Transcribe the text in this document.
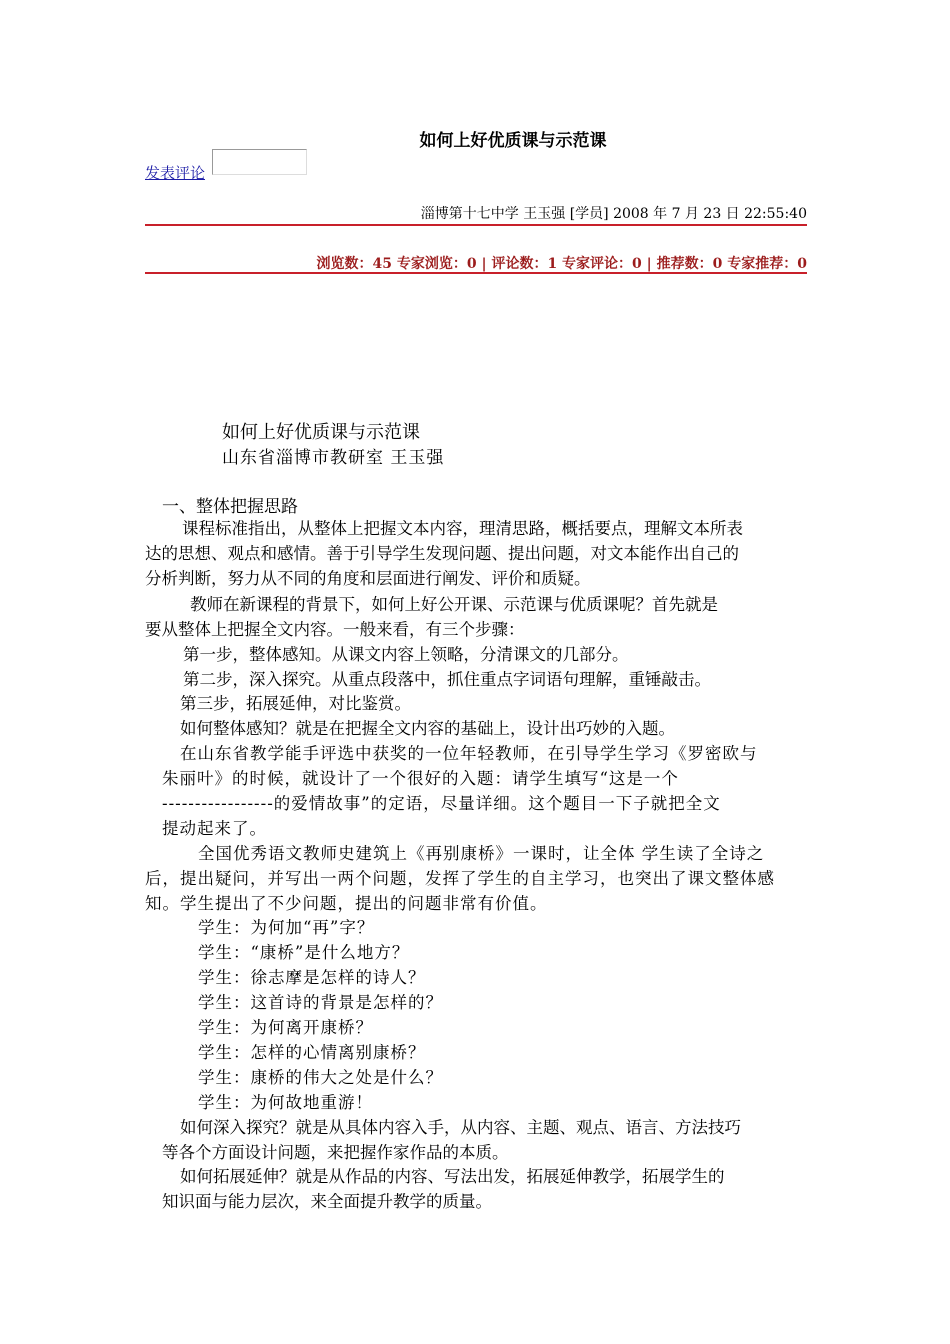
如何上好优质课与示范课
发表评论
淄博第十七中学 王玉强 [学员] 2008 年 7 月 23 日 22:55:40
浏览数：45 专家浏览：0 | 评论数：1 专家评论：0 | 推荐数：0 专家推荐：0
如何上好优质课与示范课
山东省淄博市教研室 王玉强
一、整体把握思路
课程标准指出，从整体上把握文本内容，理清思路，概括要点，理解文本所表
达的思想、观点和感情。善于引导学生发现问题、提出问题，对文本能作出自己的
分析判断，努力从不同的角度和层面进行阐发、评价和质疑。
教师在新课程的背景下，如何上好公开课、示范课与优质课呢？首先就是
要从整体上把握全文内容。一般来看，有三个步骤：
第一步，整体感知。从课文内容上领略，分清课文的几部分。
第二步，深入探究。从重点段落中，抓住重点字词语句理解，重锤敲击。
第三步，拓展延伸，对比鉴赏。
如何整体感知？就是在把握全文内容的基础上，设计出巧妙的入题。
在山东省教学能手评选中获奖的一位年轻教师，在引导学生学习《罗密欧与
朱丽叶》的时候，就设计了一个很好的入题：请学生填写“这是一个
-----------------的爱情故事”的定语，尽量详细。这个题目一下子就把全文
提动起来了。
全国优秀语文教师史建筑上《再别康桥》一课时，让全体 学生读了全诗之
后，提出疑问，并写出一两个问题，发挥了学生的自主学习，也突出了课文整体感
知。学生提出了不少问题，提出的问题非常有价值。
学生：为何加“再”字？
学生：“康桥”是什么地方？
学生：徐志摩是怎样的诗人？
学生：这首诗的背景是怎样的？
学生：为何离开康桥？
学生：怎样的心情离别康桥？
学生：康桥的伟大之处是什么？
学生：为何故地重游！
如何深入探究？就是从具体内容入手，从内容、主题、观点、语言、方法技巧
等各个方面设计问题，来把握作家作品的本质。
如何拓展延伸？就是从作品的内容、写法出发，拓展延伸教学，拓展学生的
知识面与能力层次，来全面提升教学的质量。
